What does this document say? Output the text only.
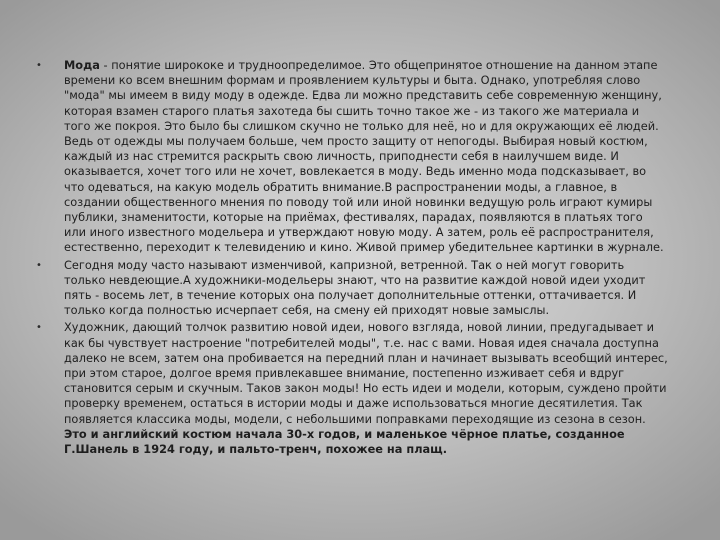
•	Мода - понятие ширококе и трудноопределимое. Это общепринятое отношение на данном этапе времени ко всем внешним формам и проявлением культуры и быта. Однако, употребляя слово "мода" мы имеем в виду моду в одежде. Едва ли можно представить себе современную женщину, которая взамен старого платья захотеда бы сшить точно такое же - из такого же материала и того же покроя. Это было бы слишком скучно не только для неё, но и для окружающих её людей. Ведь от одежды мы получаем больше, чем просто защиту от непогоды. Выбирая новый костюм, каждый из нас стремится раскрыть свою личность, приподнести себя в наилучшем виде. И оказывается, хочет того или не хочет, вовлекается в моду. Ведь именно мода подсказывает, во что одеваться, на какую модель обратить внимание.В распространении моды, а главное, в создании общественного мнения по поводу той или иной новинки ведущую роль играют кумиры публики, знаменитости, которые на приёмах, фестивалях, парадах, появляются в платьях того или иного известного модельера и утверждают новую моду. А затем, роль её распространителя, естественно, переходит к телевидению и кино. Живой пример убедительнее картинки в журнале.
•	Сегодня моду часто называют изменчивой, капризной, ветренной. Так о ней могут говорить только невдеющие.А художники-модельеры знают, что на развитие каждой новой идеи уходит пять - восемь лет, в течение которых она получает дополнительные оттенки, оттачивается. И только когда полностью исчерпает себя, на смену ей приходят новые замыслы.
•	Художник, дающий толчок развитию новой идеи, нового взгляда, новой линии, предугадывает и как бы чувствует настроение "потребителей моды", т.е. нас с вами. Новая идея сначала доступна далеко не всем, затем она пробивается на передний план и начинает вызывать всеобщий интерес, при этом старое, долгое время привлекавшее внимание, постепенно изживает себя и вдруг становится серым и скучным. Таков закон моды! Но есть идеи и модели, которым, суждено пройти проверку временем, остаться в истории моды и даже использоваться многие десятилетия. Так появляется классика моды, модели, с небольшими поправками переходящие из сезона в сезон. Это и английский костюм начала 30-х годов, и маленькое чёрное платье, созданное Г.Шанель в 1924 году, и пальто-тренч, похожее на плащ.
